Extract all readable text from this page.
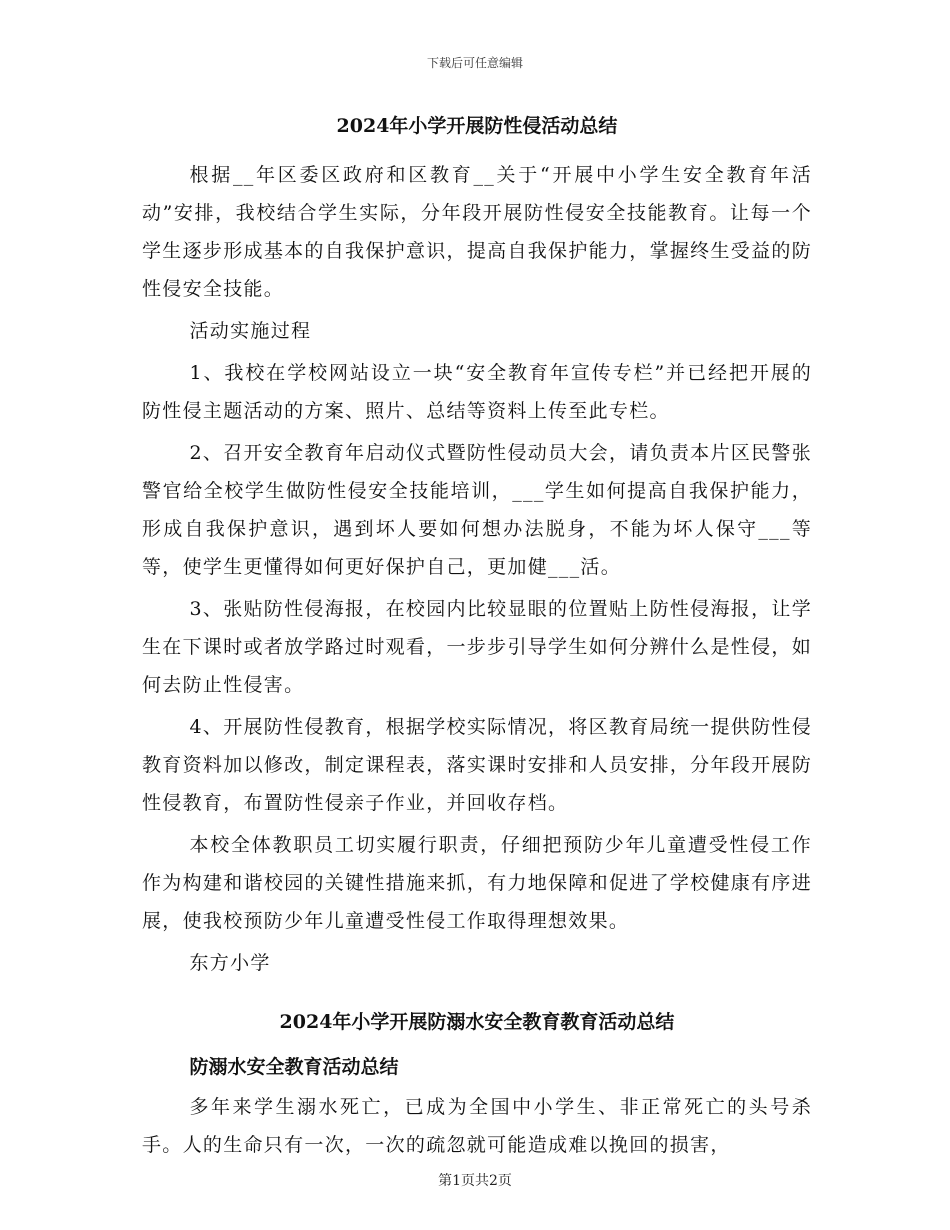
下载后可任意编辑
2024年小学开展防性侵活动总结

根据__年区委区政府和区教育__关于“开展中小学生安全教育年活动”安排，我校结合学生实际，分年段开展防性侵安全技能教育。让每一个学生逐步形成基本的自我保护意识，提高自我保护能力，掌握终生受益的防性侵安全技能。

活动实施过程

1、我校在学校网站设立一块“安全教育年宣传专栏”并已经把开展的防性侵主题活动的方案、照片、总结等资料上传至此专栏。

2、召开安全教育年启动仪式暨防性侵动员大会，请负责本片区民警张警官给全校学生做防性侵安全技能培训，___学生如何提高自我保护能力，形成自我保护意识，遇到坏人要如何想办法脱身，不能为坏人保守___等等，使学生更懂得如何更好保护自己，更加健___活。

3、张贴防性侵海报，在校园内比较显眼的位置贴上防性侵海报，让学生在下课时或者放学路过时观看，一步步引导学生如何分辨什么是性侵，如何去防止性侵害。

4、开展防性侵教育，根据学校实际情况，将区教育局统一提供防性侵教育资料加以修改，制定课程表，落实课时安排和人员安排，分年段开展防性侵教育，布置防性侵亲子作业，并回收存档。

本校全体教职员工切实履行职责，仔细把预防少年儿童遭受性侵工作作为构建和谐校园的关键性措施来抓，有力地保障和促进了学校健康有序进展，使我校预防少年儿童遭受性侵工作取得理想效果。

东方小学

2024年小学开展防溺水安全教育教育活动总结
防溺水安全教育活动总结

多年来学生溺水死亡，已成为全国中小学生、非正常死亡的头号杀手。人的生命只有一次，一次的疏忽就可能造成难以挽回的损害，

第1页共2页
